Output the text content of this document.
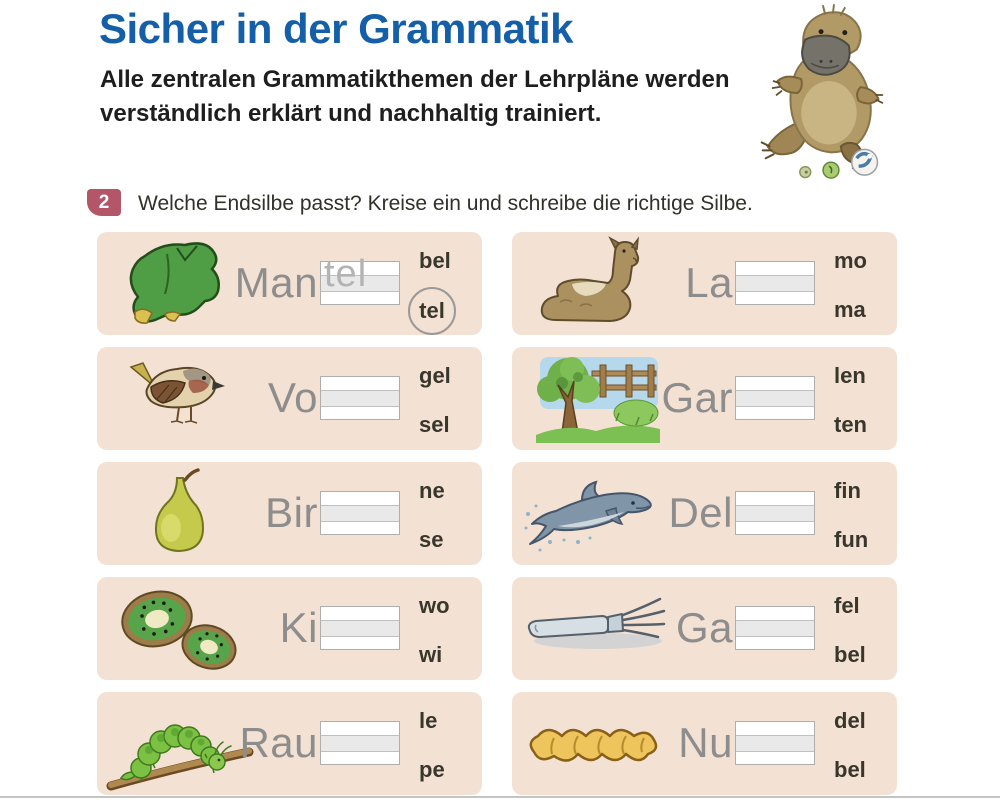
Sicher in der Grammatik
Alle zentralen Grammatikthemen der Lehrpläne werden verständlich erklärt und nachhaltig trainiert.
2	Welche Endsilbe passt? Kreise ein und schreibe die richtige Silbe.
Man tel bel
tel
La	mo
ma
Vo	gel
sel
Gar	len
ten
Bir	ne
se
Del	fin
fun
Ki	wo
wi
Ga	fel
bel
Rau	le
pe
Nu	del
bel
